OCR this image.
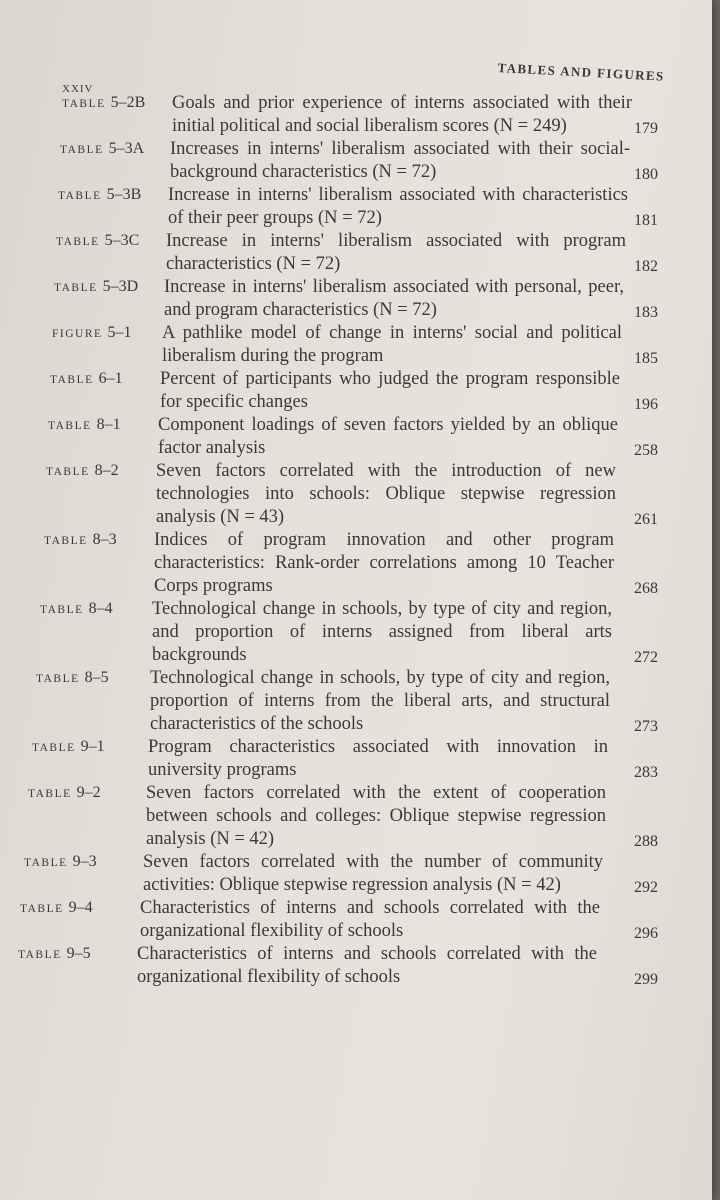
xxiv
TABLES AND FIGURES
TABLE 5–2B Goals and prior experience of interns associated with their initial political and social liberalism scores (N = 249)	179
TABLE 5–3A Increases in interns' liberalism associated with their social-background characteristics (N = 72)	180
TABLE 5–3B Increase in interns' liberalism associated with characteristics of their peer groups (N = 72)	181
TABLE 5–3C Increase in interns' liberalism associated with program characteristics (N = 72)	182
TABLE 5–3D Increase in interns' liberalism associated with personal, peer, and program characteristics (N = 72)	183
FIGURE 5–1 A pathlike model of change in interns' social and political liberalism during the program	185
TABLE 6–1 Percent of participants who judged the program responsible for specific changes	196
TABLE 8–1 Component loadings of seven factors yielded by an oblique factor analysis	258
TABLE 8–2 Seven factors correlated with the introduction of new technologies into schools: Oblique stepwise regression analysis (N = 43)	261
TABLE 8–3 Indices of program innovation and other program characteristics: Rank-order correlations among 10 Teacher Corps programs	268
TABLE 8–4 Technological change in schools, by type of city and region, and proportion of interns assigned from liberal arts backgrounds	272
TABLE 8–5 Technological change in schools, by type of city and region, proportion of interns from the liberal arts, and structural characteristics of the schools	273
TABLE 9–1 Program characteristics associated with innovation in university programs	283
TABLE 9–2 Seven factors correlated with the extent of cooperation between schools and colleges: Oblique stepwise regression analysis (N = 42)	288
TABLE 9–3	Seven factors correlated with the number of community activities: Oblique stepwise regression analysis (N = 42)	292
TABLE 9–4	Characteristics of interns and schools correlated with the organizational flexibility of schools	296
TABLE 9–5	Characteristics of interns and schools correlated with the organizational flexibility of schools	299
